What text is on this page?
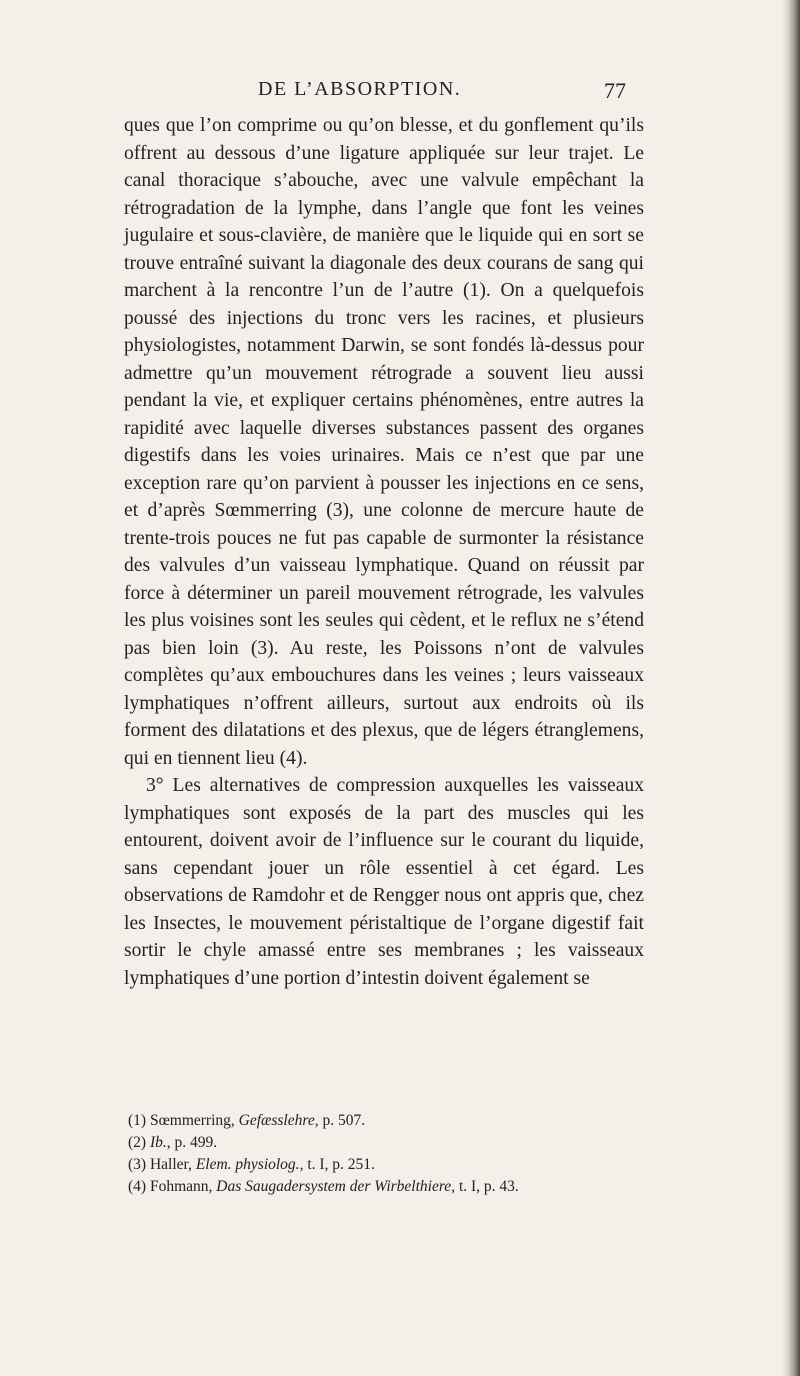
DE L’ABSORPTION.	77

ques que l’on comprime ou qu’on blesse, et du gonflement qu’ils offrent au dessous d’une ligature appliquée sur leur trajet. Le canal thoracique s’abouche, avec une valvule empêchant la rétrogradation de la lymphe, dans l’angle que font les veines jugulaire et sous-clavière, de manière que le liquide qui en sort se trouve entraîné suivant la diagonale des deux courans de sang qui marchent à la rencontre l’un de l’autre (1). On a quelquefois poussé des injections du tronc vers les racines, et plusieurs physiologistes, notamment Darwin, se sont fondés là-dessus pour admettre qu’un mouvement rétrograde a souvent lieu aussi pendant la vie, et expliquer certains phénomènes, entre autres la rapidité avec laquelle diverses substances passent des organes digestifs dans les voies urinaires. Mais ce n’est que par une exception rare qu’on parvient à pousser les injections en ce sens, et d’après Sœmmerring (3), une colonne de mercure haute de trente-trois pouces ne fut pas capable de surmonter la résistance des valvules d’un vaisseau lymphatique. Quand on réussit par force à déterminer un pareil mouvement rétrograde, les valvules les plus voisines sont les seules qui cèdent, et le reflux ne s’étend pas bien loin (3). Au reste, les Poissons n’ont de valvules complètes qu’aux embouchures dans les veines ; leurs vaisseaux lymphatiques n’offrent ailleurs, surtout aux endroits où ils forment des dilatations et des plexus, que de légers étranglemens, qui en tiennent lieu (4).

3° Les alternatives de compression auxquelles les vaisseaux lymphatiques sont exposés de la part des muscles qui les entourent, doivent avoir de l’influence sur le courant du liquide, sans cependant jouer un rôle essentiel à cet égard. Les observations de Ramdohr et de Rengger nous ont appris que, chez les Insectes, le mouvement péristaltique de l’organe digestif fait sortir le chyle amassé entre ses membranes ; les vaisseaux lymphatiques d’une portion d’intestin doivent également se

(1) Sœmmerring, Gefæsslehre, p. 507.
(2) Ib., p. 499.
(3) Haller, Elem. physiolog., t. I, p. 251.
(4) Fohmann, Das Saugadersystem der Wirbelthiere, t. I, p. 43.
